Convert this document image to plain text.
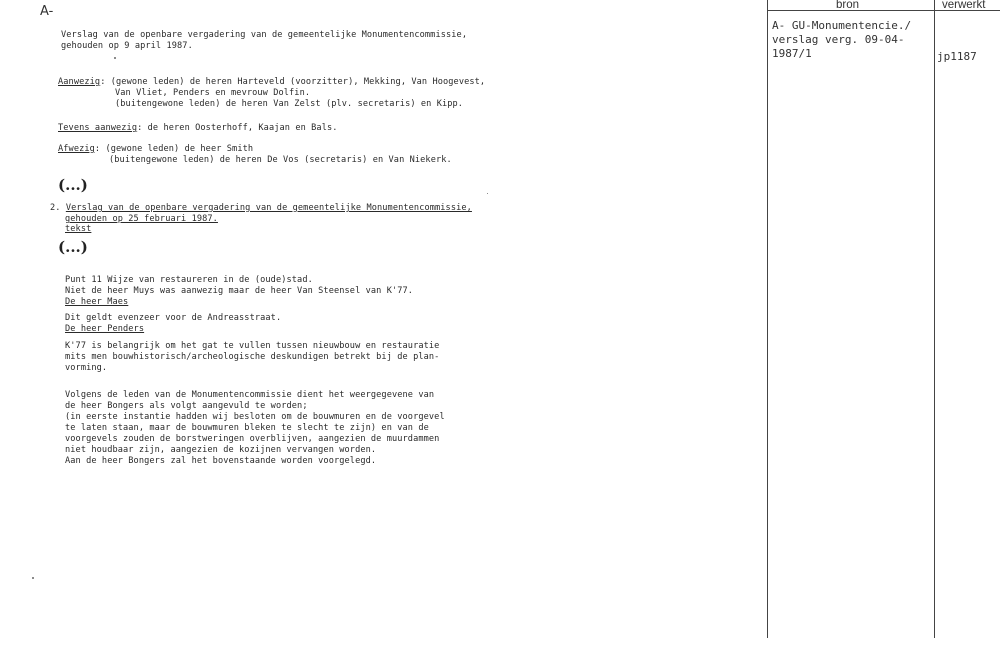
A-
Verslag van de openbare vergadering van de gemeentelijke Monumentencommissie,
gehouden op 9 april 1987.
Aanwezig: (gewone leden) de heren Harteveld (voorzitter), Mekking, Van Hoogevest,
Van Vliet, Penders en mevrouw Dolfin.
(buitengewone leden) de heren Van Zelst (plv. secretaris) en Kipp.
Tevens aanwezig: de heren Oosterhoff, Kaajan en Bals.
Afwezig: (gewone leden) de heer Smith
(buitengewone leden) de heren De Vos (secretaris) en Van Niekerk.
(...)
2. Verslag van de openbare vergadering van de gemeentelijke Monumentencommissie,
gehouden op 25 februari 1987.
tekst
(...)
Punt 11 Wijze van restaureren in de (oude)stad.
Niet de heer Muys was aanwezig maar de heer Van Steensel van K'77.
De heer Maes
Dit geldt evenzeer voor de Andreasstraat.
De heer Penders
K'77 is belangrijk om het gat te vullen tussen nieuwbouw en restauratie
mits men bouwhistorisch/archeologische deskundigen betrekt bij de plan-
vorming.
Volgens de leden van de Monumentencommissie dient het weergegevene van
de heer Bongers als volgt aangevuld te worden;
(in eerste instantie hadden wij besloten om de bouwmuren en de voorgevel
te laten staan, maar de bouwmuren bleken te slecht te zijn) en van de
voorgevels zouden de borstweringen overblijven, aangezien de muurdammen
niet houdbaar zijn, aangezien de kozijnen vervangen worden.
Aan de heer Bongers zal het bovenstaande worden voorgelegd.
bron	verwerkt
A- GU-Monumentencie./
verslag verg. 09-04-
1987/1	jp1187
